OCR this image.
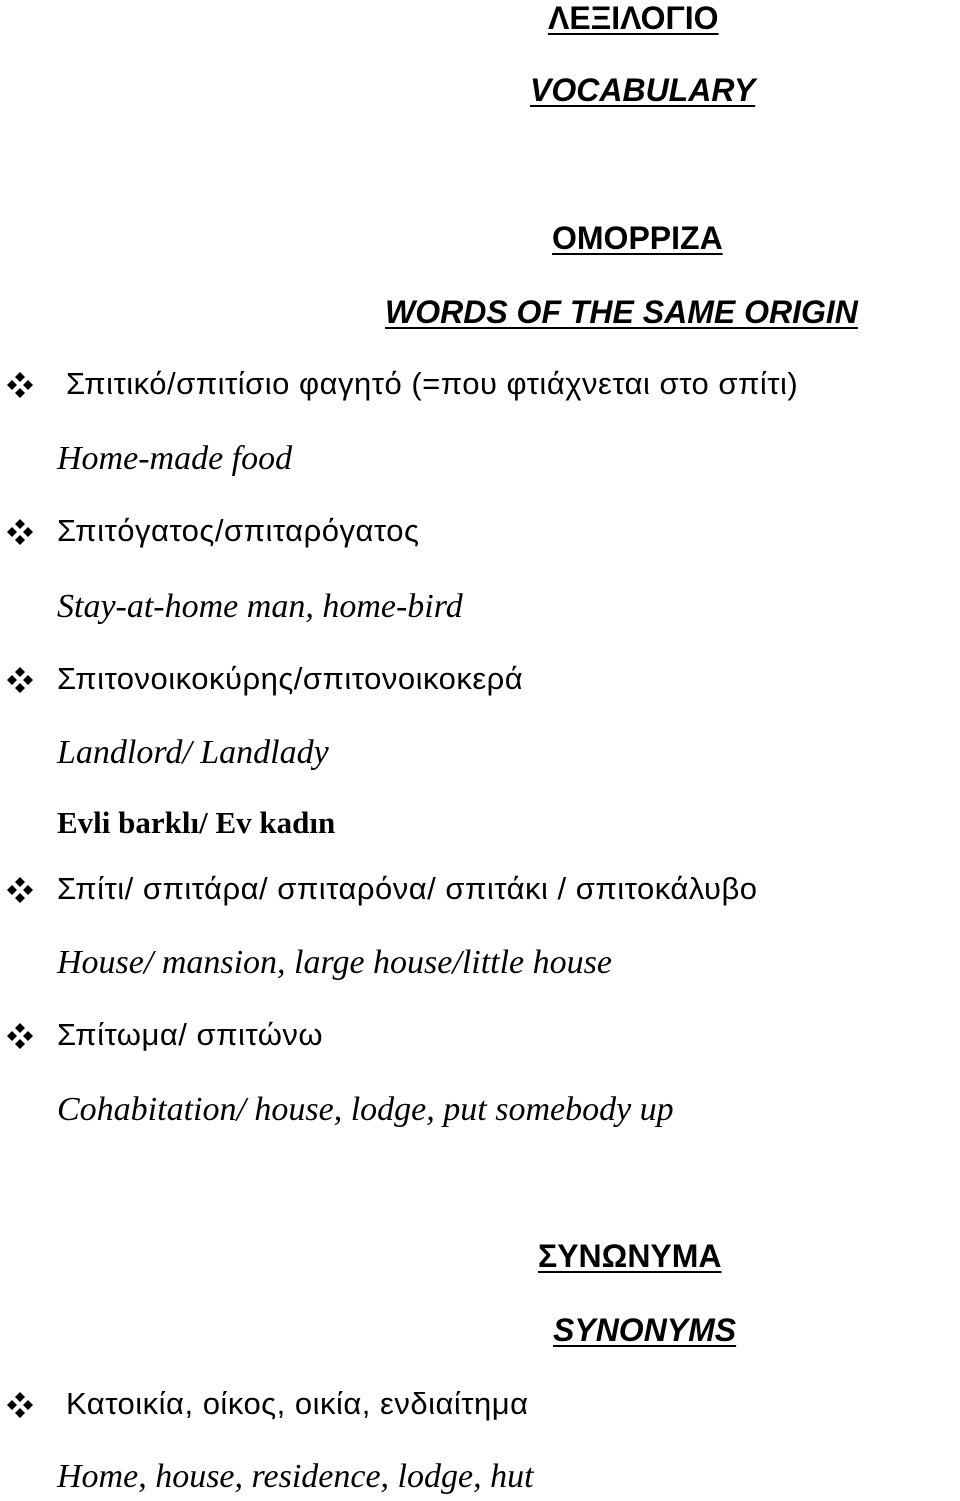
ΛΕΞΙΛΟΓΙΟ
VOCABULARY
ΟΜΟΡΡΙΖΑ
WORDS OF THE SAME ORIGIN
Σπιτικό/σπιτίσιο φαγητό (=που φτιάχνεται στο σπίτι)
Home-made food
Σπιτόγατος/σπιταρόγατος
Stay-at-home man, home-bird
Σπιτονοικοκύρης/σπιτονοικοκερά
Landlord/ Landlady
Evli barklı/ Ev kadın
Σπίτι/ σπιτάρα/ σπιταρόνα/ σπιτάκι / σπιτοκάλυβο
House/ mansion, large house/little house
Σπίτωμα/ σπιτώνω
Cohabitation/ house, lodge, put somebody up
ΣΥΝΩΝΥΜΑ
SYNONYMS
Κατοικία, οίκος, οικία, ενδιαίτημα
Home, house, residence, lodge, hut
